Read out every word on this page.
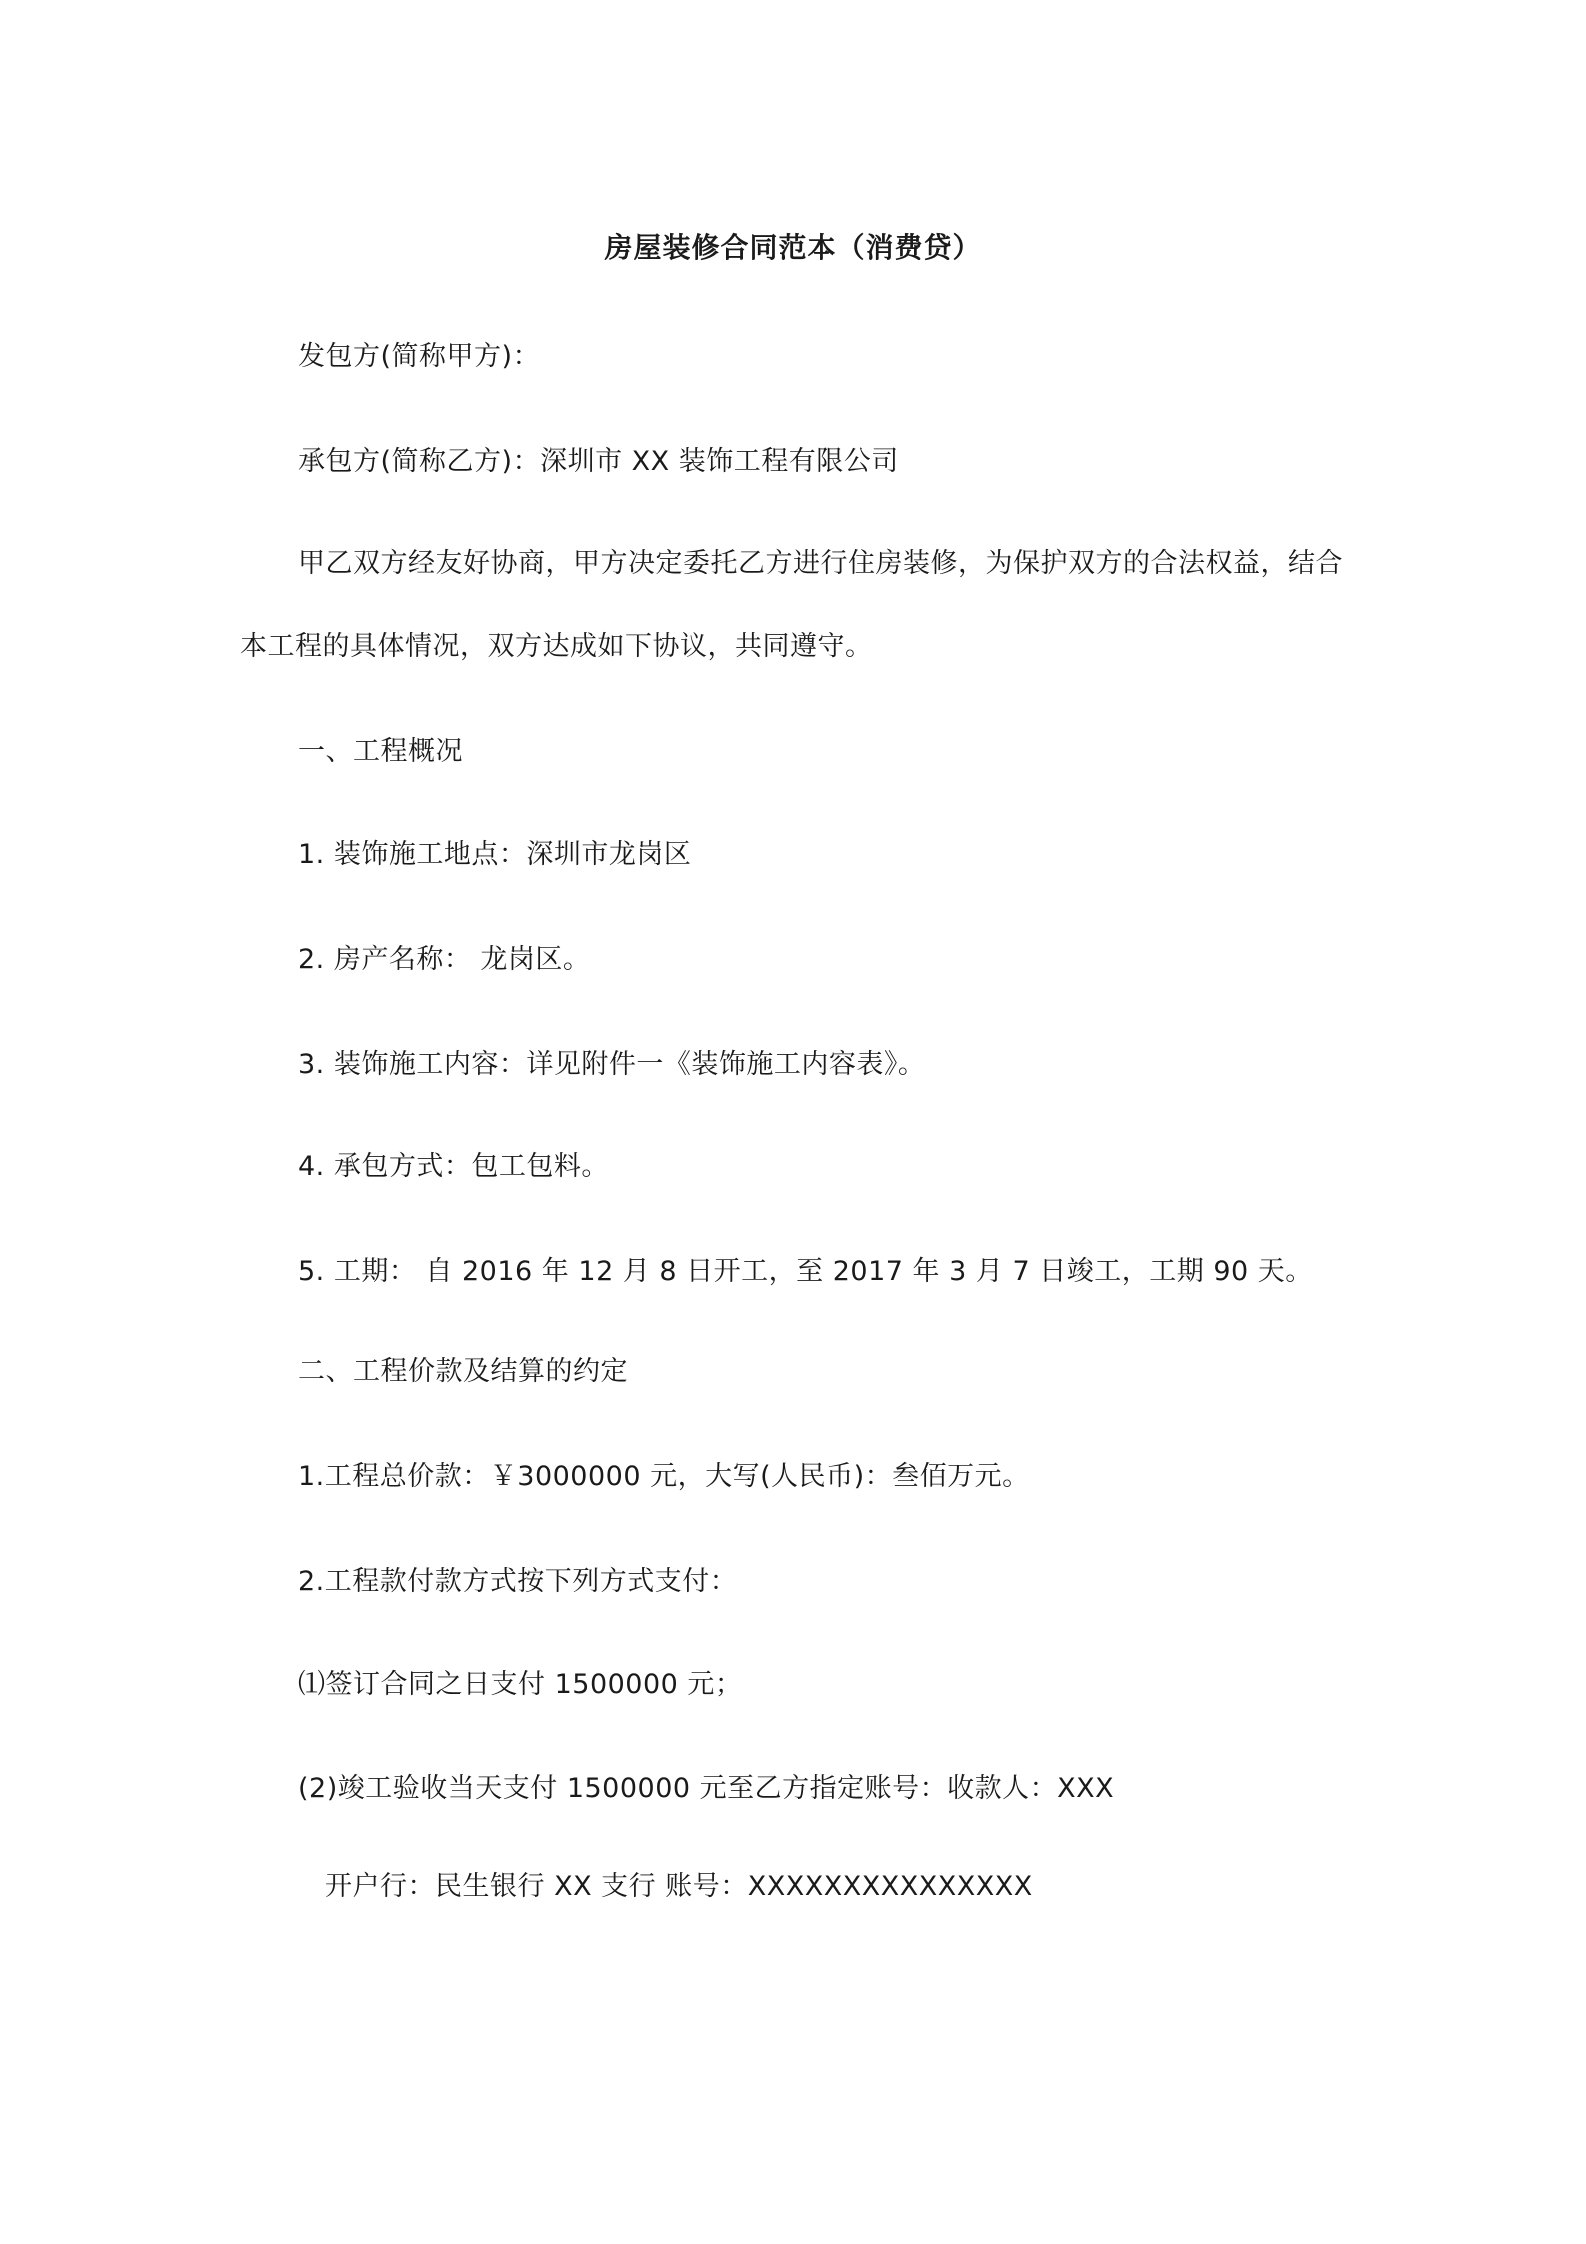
房屋装修合同范本（消费贷）
发包方(简称甲方)：
承包方(简称乙方)：深圳市 XX 装饰工程有限公司
甲乙双方经友好协商，甲方决定委托乙方进行住房装修，为保护双方的合法权益，结合
本工程的具体情况，双方达成如下协议，共同遵守。
一、工程概况
1. 装饰施工地点：深圳市龙岗区
2. 房产名称： 龙岗区。
3. 装饰施工内容：详见附件一《装饰施工内容表》。
4. 承包方式：包工包料。
5. 工期： 自 2016 年 12 月 8 日开工，至 2017 年 3 月 7 日竣工，工期 90 天。
二、工程价款及结算的约定
1.工程总价款：￥3000000 元，大写(人民币)：叁佰万元。
2.工程款付款方式按下列方式支付：
⑴签订合同之日支付 1500000 元；
(2)竣工验收当天支付 1500000 元至乙方指定账号：收款人：XXX
开户行：民生银行 XX 支行 账号：XXXXXXXXXXXXXXX
